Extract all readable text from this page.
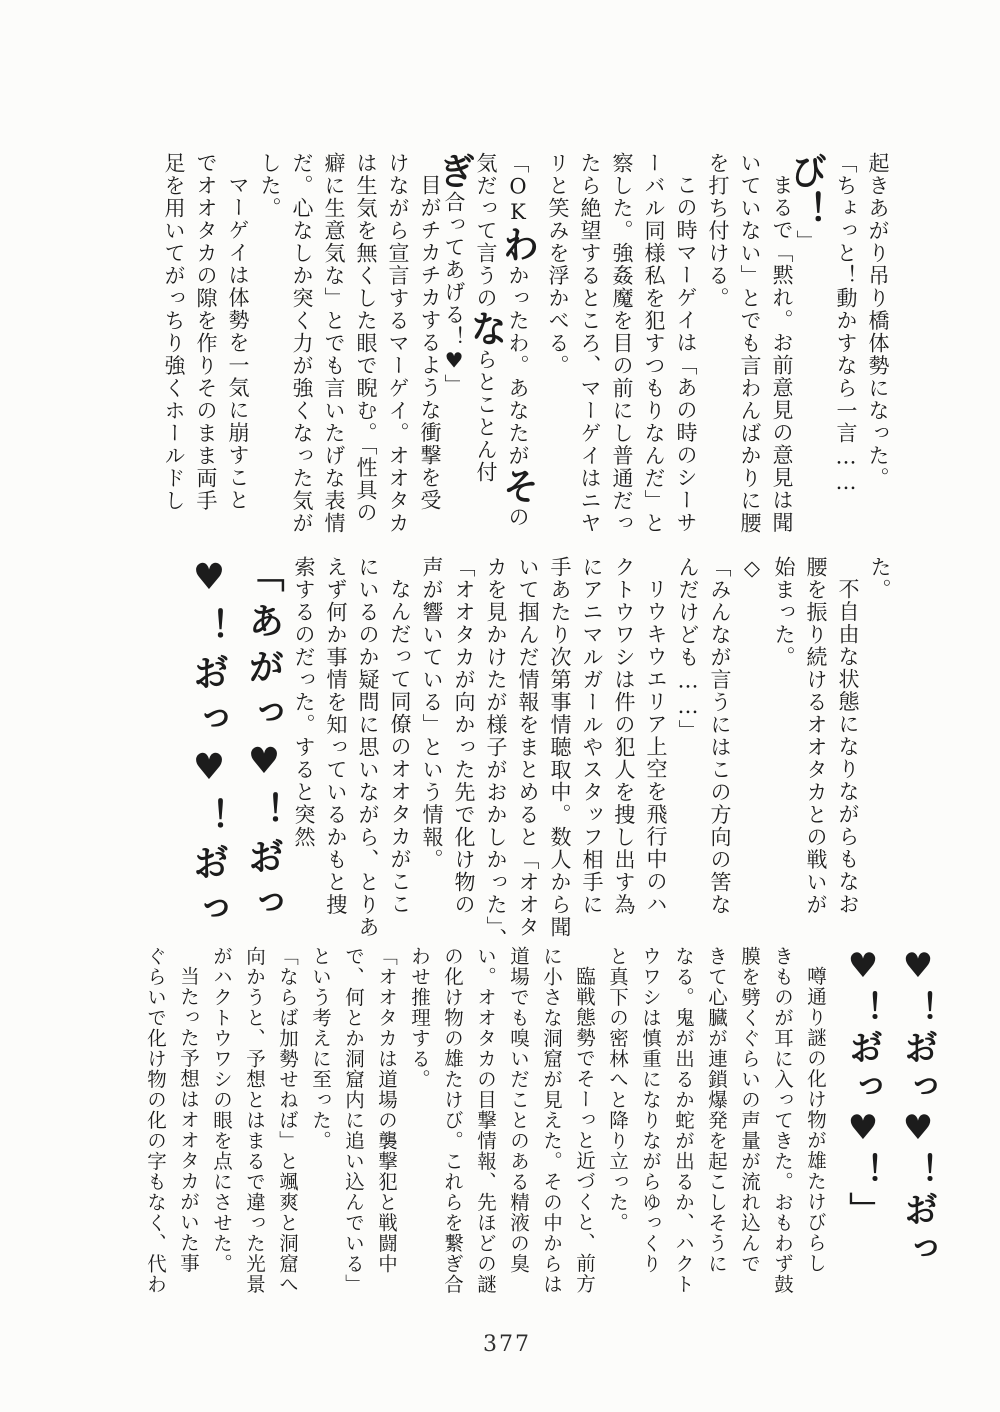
起きあがり吊り橋体勢になった。
「ちょっと！動かすなら一言……
び！」
まるで「黙れ。お前意見の意見は聞
いていない」とでも言わんばかりに腰
を打ち付ける。
この時マーゲイは「あの時のシーサ
ーバル同様私を犯すつもりなんだ」と
察した。強姦魔を目の前にし普通だっ
たら絶望するところ、マーゲイはニヤ
リと笑みを浮かべる。
「OKわかったわ。あなたがその
気だって言うのならとことん付
ぎ合ってあげる！♥」
目がチカチカするような衝撃を受
けながら宣言するマーゲイ。オオタカ
は生気を無くした眼で睨む。「性具の
癖に生意気な」とでも言いたげな表情
だ。心なしか突く力が強くなった気が
した。
マーゲイは体勢を一気に崩すこと
でオオタカの隙を作りそのまま両手
足を用いてがっちり強くホールドし
た。
不自由な状態になりながらもなお
腰を振り続けるオオタカとの戦いが
始まった。
◇
「みんなが言うにはこの方向の筈な
んだけども……」
リウキウエリア上空を飛行中のハ
クトウワシは件の犯人を捜し出す為
にアニマルガールやスタッフ相手に
手あたり次第事情聴取中。数人から聞
いて掴んだ情報をまとめると「オオタ
カを見かけたが様子がおかしかった」、
「オオタカが向かった先で化け物の
声が響いている」という情報。
なんだって同僚のオオタカがここ
にいるのか疑問に思いながら、とりあ
えず何か事情を知っているかもと捜
索するのだった。すると突然
「あがっ♥！お゙っ
♥！お゙っ♥！お゙っ
♥！お゙っ♥！お゙っ
♥！お゙っ♥！」
噂通り謎の化け物が雄たけびらし
きものが耳に入ってきた。おもわず鼓
膜を劈くぐらいの声量が流れ込んで
きて心臓が連鎖爆発を起こしそうに
なる。鬼が出るか蛇が出るか、ハクト
ウワシは慎重になりながらゆっくり
と真下の密林へと降り立った。
臨戦態勢でそーっと近づくと、前方
に小さな洞窟が見えた。その中からは
道場でも嗅いだことのある精液の臭
い。オオタカの目撃情報、先ほどの謎
の化け物の雄たけび。これらを繋ぎ合
わせ推理する。
「オオタカは道場の襲撃犯と戦闘中
で、何とか洞窟内に追い込んでいる」
という考えに至った。
「ならば加勢せねば」と颯爽と洞窟へ
向かうと、予想とはまるで違った光景
がハクトウワシの眼を点にさせた。
当たった予想はオオタカがいた事
ぐらいで化け物の化の字もなく、代わ
377
